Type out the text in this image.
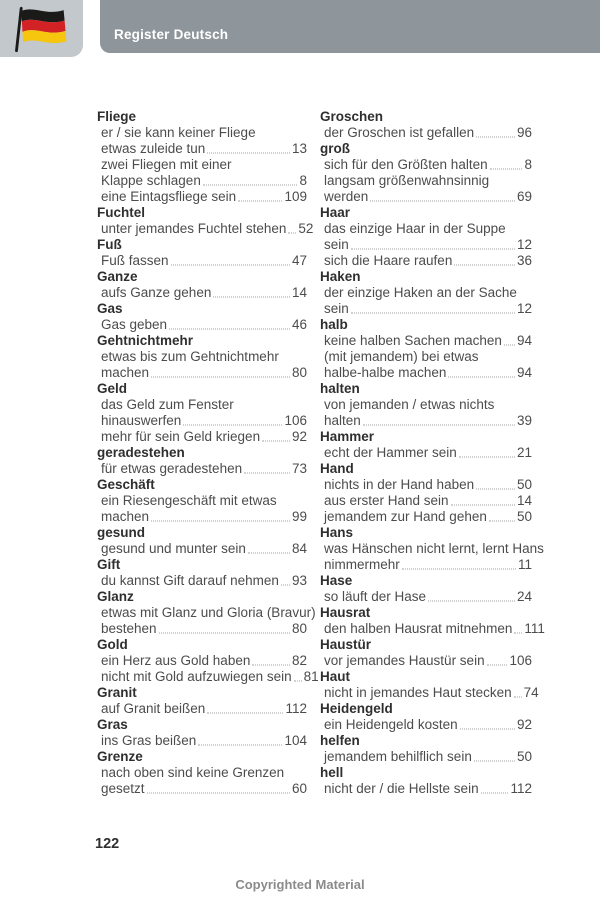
Register Deutsch
Fliege
er / sie kann keiner Fliege
etwas zuleide tun	13
zwei Fliegen mit einer
Klappe schlagen	8
eine Eintagsfliege sein	109
Fuchtel
unter jemandes Fuchtel stehen 52
Fuß
Fuß fassen	47
Ganze
aufs Ganze gehen	14
Gas
Gas geben	46
Gehtnichtmehr
etwas bis zum Gehtnichtmehr
machen	80
Geld
das Geld zum Fenster
hinauswerfen	106
mehr für sein Geld kriegen 92
geradestehen
für etwas geradestehen	73
Geschäft
ein Riesengeschäft mit etwas
machen	99
gesund
gesund und munter sein	84
Gift
du kannst Gift darauf nehmen 93
Glanz
etwas mit Glanz und Gloria (Bravur)
bestehen	80
Gold
ein Herz aus Gold haben	82
nicht mit Gold aufzuwiegen sein 81
Granit
auf Granit beißen	112
Gras
ins Gras beißen	104
Grenze
nach oben sind keine Grenzen
gesetzt	60
Groschen
der Groschen ist gefallen	96
groß
sich für den Größten halten	8
langsam größenwahnsinnig
werden	69
Haar
das einzige Haar in der Suppe
sein	12
sich die Haare raufen	36
Haken
der einzige Haken an der Sache
sein	12
halb
keine halben Sachen machen 94
(mit jemandem) bei etwas
halbe-halbe machen	94
halten
von jemanden / etwas nichts
halten	39
Hammer
echt der Hammer sein	21
Hand
nichts in der Hand haben	50
aus erster Hand sein	14
jemandem zur Hand gehen 50
Hans
was Hänschen nicht lernt, lernt Hans
nimmermehr	11
Hase
so läuft der Hase	24
Hausrat
den halben Hausrat mitnehmen 111
Haustür
vor jemandes Haustür sein 106
Haut
nicht in jemandes Haut stecken 74
Heidengeld
ein Heidengeld kosten	92
helfen
jemandem behilflich sein	50
hell
nicht der / die Hellste sein 112
122
Copyrighted Material
